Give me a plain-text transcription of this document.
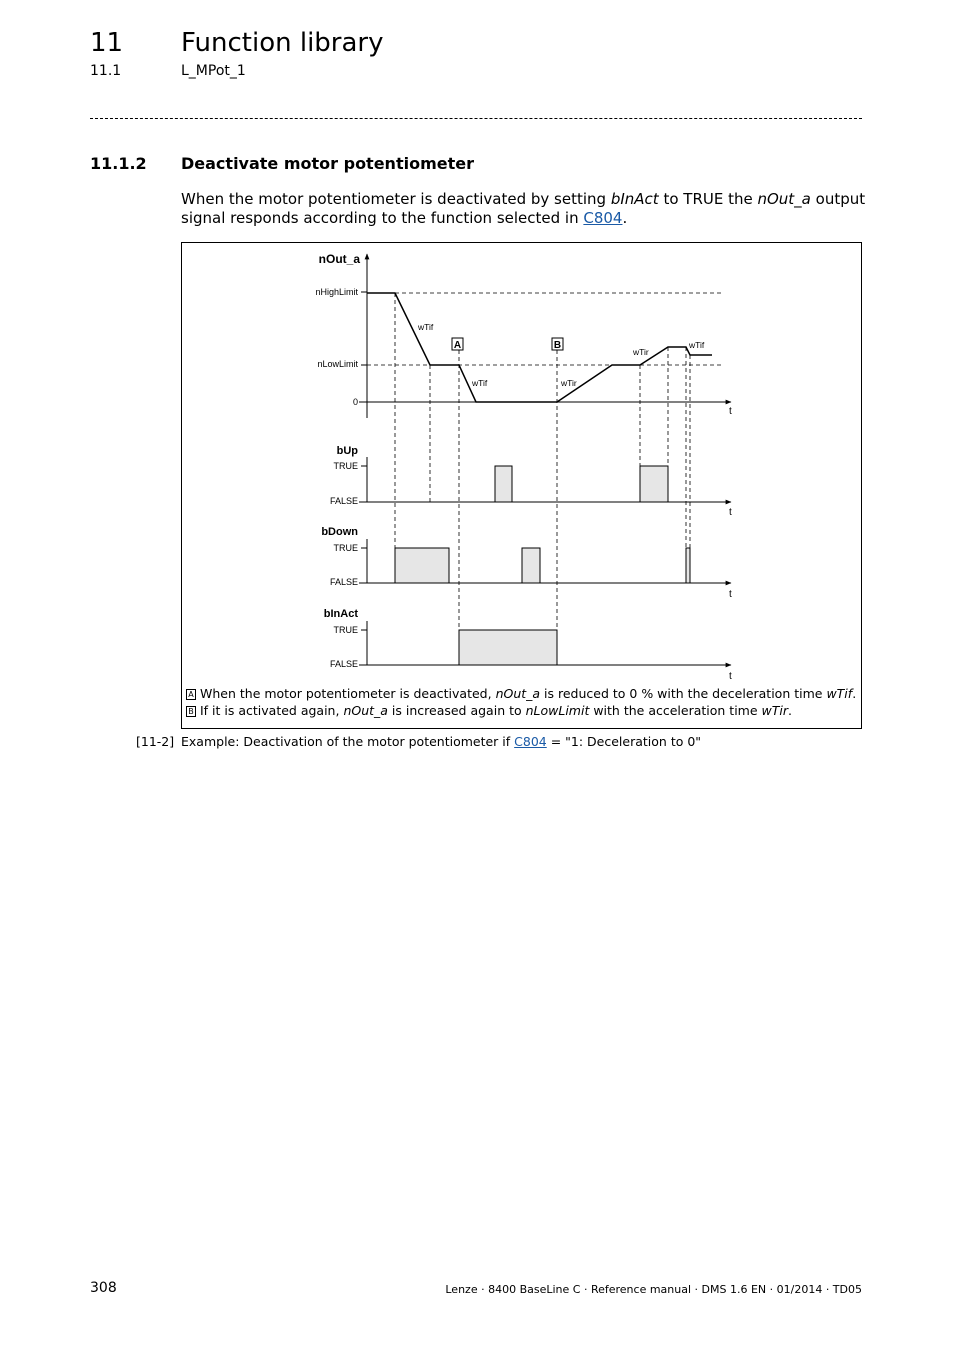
11 Function library
11.1	L_MPot_1
11.1.2 Deactivate motor potentiometer
When the motor potentiometer is deactivated by setting bInAct to TRUE the nOut_a output signal responds according to the function selected in C804.
nOut_a
nHighLimit
nLowLimit
0
wTif
wTif	wTir
wTir
wTif
t
A	B
bUp
TRUE
FALSE
t
bDown
TRUE
FALSE
t
bInAct
TRUE
FALSE
t
A When the motor potentiometer is deactivated, nOut_a is reduced to 0 % with the deceleration time wTif.
B If it is activated again, nOut_a is increased again to nLowLimit with the acceleration time wTir.
[11-2] Example: Deactivation of the motor potentiometer if C804 = "1: Deceleration to 0"
308	Lenze · 8400 BaseLine C · Reference manual · DMS 1.6 EN · 01/2014 · TD05
